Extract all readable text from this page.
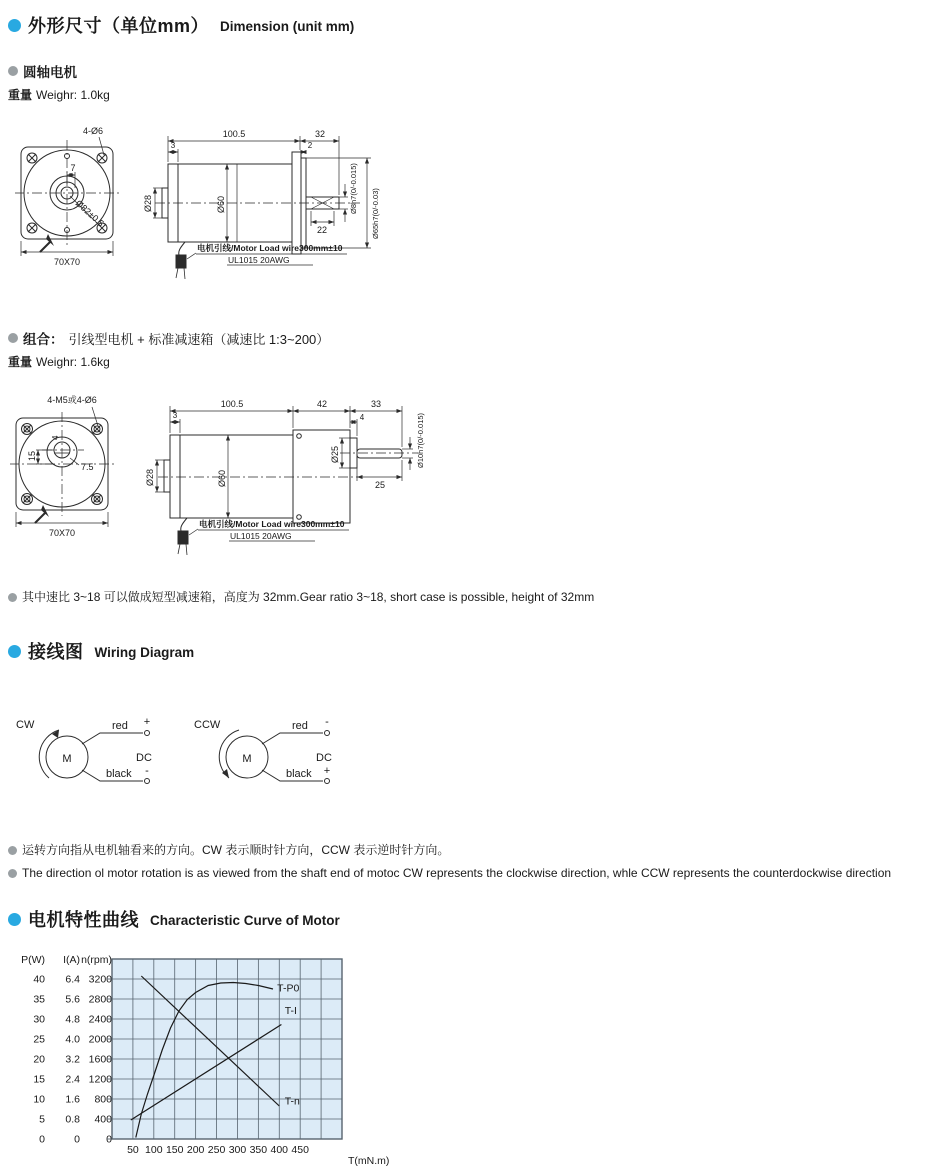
外形尺寸（单位mm） Dimension (unit mm)
圆轴电机
重量 Weighr: 1.0kg
4-Ø6
7
Ø82±0.5
70X70
100.5	32
3	2
Ø28	Ø60	Ø8h7(0/-0.015) Ø65h7(0/-0.03)
22
电机引线/Motor Load wire300mm±10
UL1015 20AWG
组合： 引线型电机 + 标准减速箱（减速比 1:3~200）
重量 Weighr: 1.6kg
4-M5或4-Ø6
15
7.5
4
70X70
100.5	42	33
3	4
Ø28	Ø60
Ø25	Ø10h7(0/-0.015)
25
电机引线/Motor Load wire300mm±10
UL1015 20AWG
其中速比 3~18 可以做成短型减速箱，高度为 32mm.Gear ratio 3~18, short case is possible, height of 32mm
接线图 Wiring Diagram
CW
M
red +
black -
DC
CCW
M
red -
black +
DC
运转方向指从电机轴看来的方向。CW 表示顺时针方向，CCW 表示逆时针方向。
The direction ol motor rotation is as viewed from the shaft end of motoc CW represents the clockwise direction, whle CCW represents the counterdockwise direction
电机特性曲线 Characteristic Curve of Motor
P(W)
40
35
30
25
20
15
10
5
0
I(A)
6.4
5.6
4.8
4.0
3.2
2.4
1.6
0.8
0
n(rpm)
3200
2800
2400
2000
1600
1200
800
400
0
50 100 150 200 250 300 350 400 450
T(mN.m)
T-P0
T-I
T-n
